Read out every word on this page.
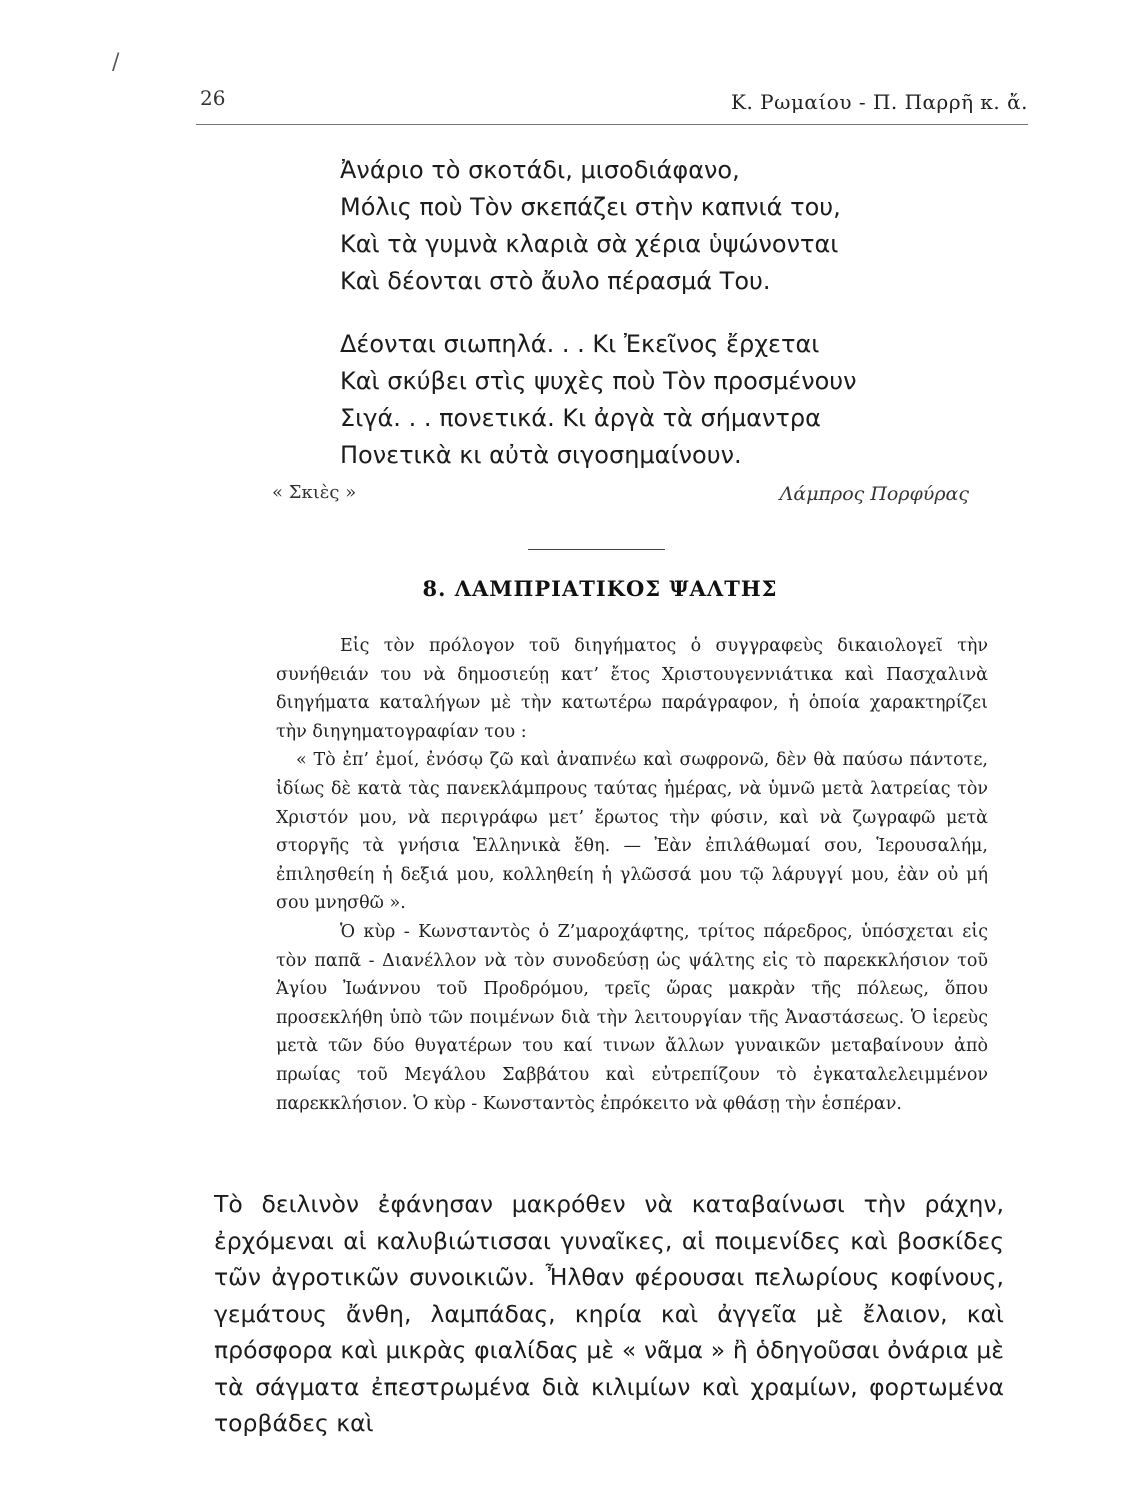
/
26	Κ. Ρωμαίου - Π. Παρρῆ κ. ἄ.
Ἀνάριο τὸ σκοτάδι, μισοδιάφανο,
Μόλις ποὺ Τὸν σκεπάζει στὴν καπνιά του,
Καὶ τὰ γυμνὰ κλαριὰ σὰ χέρια ὑψώνονται
Καὶ δέονται στὸ ἄυλο πέρασμά Του.
Δέονται σιωπηλά. . . Κι Ἐκεῖνος ἔρχεται
Καὶ σκύβει στὶς ψυχὲς ποὺ Τὸν προσμένουν
Σιγά. . . πονετικά. Κι ἀργὰ τὰ σήμαντρα
Πονετικὰ κι αὐτὰ σιγοσημαίνουν.
« Σκιὲς »	Λάμπρος Πορφύρας
8. ΛΑΜΠΡΙΑΤΙΚΟΣ ΨΑΛΤΗΣ

Εἰς τὸν πρόλογον τοῦ διηγήματος ὁ συγγραφεὺς δικαιολογεῖ τὴν συνήθειάν του νὰ δημοσιεύῃ κατ’ ἔτος Χριστουγεννιάτικα καὶ Πασχαλινὰ διηγήματα καταλήγων μὲ τὴν κατωτέρω παράγραφον, ἡ ὁποία χαρακτηρίζει τὴν διηγηματογραφίαν του :

« Τὸ ἐπ’ ἐμοί, ἐνόσῳ ζῶ καὶ ἀναπνέω καὶ σωφρονῶ, δὲν θὰ παύσω πάντοτε, ἰδίως δὲ κατὰ τὰς πανεκλάμπρους ταύτας ἡμέρας, νὰ ὑμνῶ μετὰ λατρείας τὸν Χριστόν μου, νὰ περιγράφω μετ’ ἔρωτος τὴν φύσιν, καὶ νὰ ζωγραφῶ μετὰ στοργῆς τὰ γνήσια Ἑλληνικὰ ἔθη. — Ἐὰν ἐπιλάθωμαί σου, Ἱερουσαλήμ, ἐπιλησθείη ἡ δεξιά μου, κολληθείη ἡ γλῶσσά μου τῷ λάρυγγί μου, ἐὰν οὐ μή σου μνησθῶ ».

Ὁ κὺρ - Κωνσταντὸς ὁ Ζ’μαροχάφτης, τρίτος πάρεδρος, ὑπόσχεται εἰς τὸν παπᾶ - Διανέλλον νὰ τὸν συνοδεύσῃ ὡς ψάλτης εἰς τὸ παρεκκλήσιον τοῦ Ἁγίου Ἰωάννου τοῦ Προδρόμου, τρεῖς ὥρας μακρὰν τῆς πόλεως, ὅπου προσεκλήθη ὑπὸ τῶν ποιμένων διὰ τὴν λειτουργίαν τῆς Ἀναστάσεως. Ὁ ἱερεὺς μετὰ τῶν δύο θυγατέρων του καί τινων ἄλλων γυναικῶν μεταβαίνουν ἀπὸ πρωίας τοῦ Μεγάλου Σαββάτου καὶ εὐτρεπίζουν τὸ ἐγκαταλελειμμένον παρεκκλήσιον. Ὁ κὺρ - Κωνσταντὸς ἐπρόκειτο νὰ φθάσῃ τὴν ἑσπέραν.

Τὸ δειλινὸν ἐφάνησαν μακρόθεν νὰ καταβαίνωσι τὴν ράχην, ἐρχόμεναι αἱ καλυβιώτισσαι γυναῖκες, αἱ ποιμενίδες καὶ βοσκίδες τῶν ἀγροτικῶν συνοικιῶν. Ἦλθαν φέρουσαι πελωρίους κοφίνους, γεμάτους ἄνθη, λαμπάδας, κηρία καὶ ἀγγεῖα μὲ ἔλαιον, καὶ πρόσφορα καὶ μικρὰς φιαλίδας μὲ « νᾶμα » ἢ ὁδηγοῦσαι ὀνάρια μὲ τὰ σάγματα ἐπεστρωμένα διὰ κιλιμίων καὶ χραμίων, φορτωμένα τορβάδες καὶ
